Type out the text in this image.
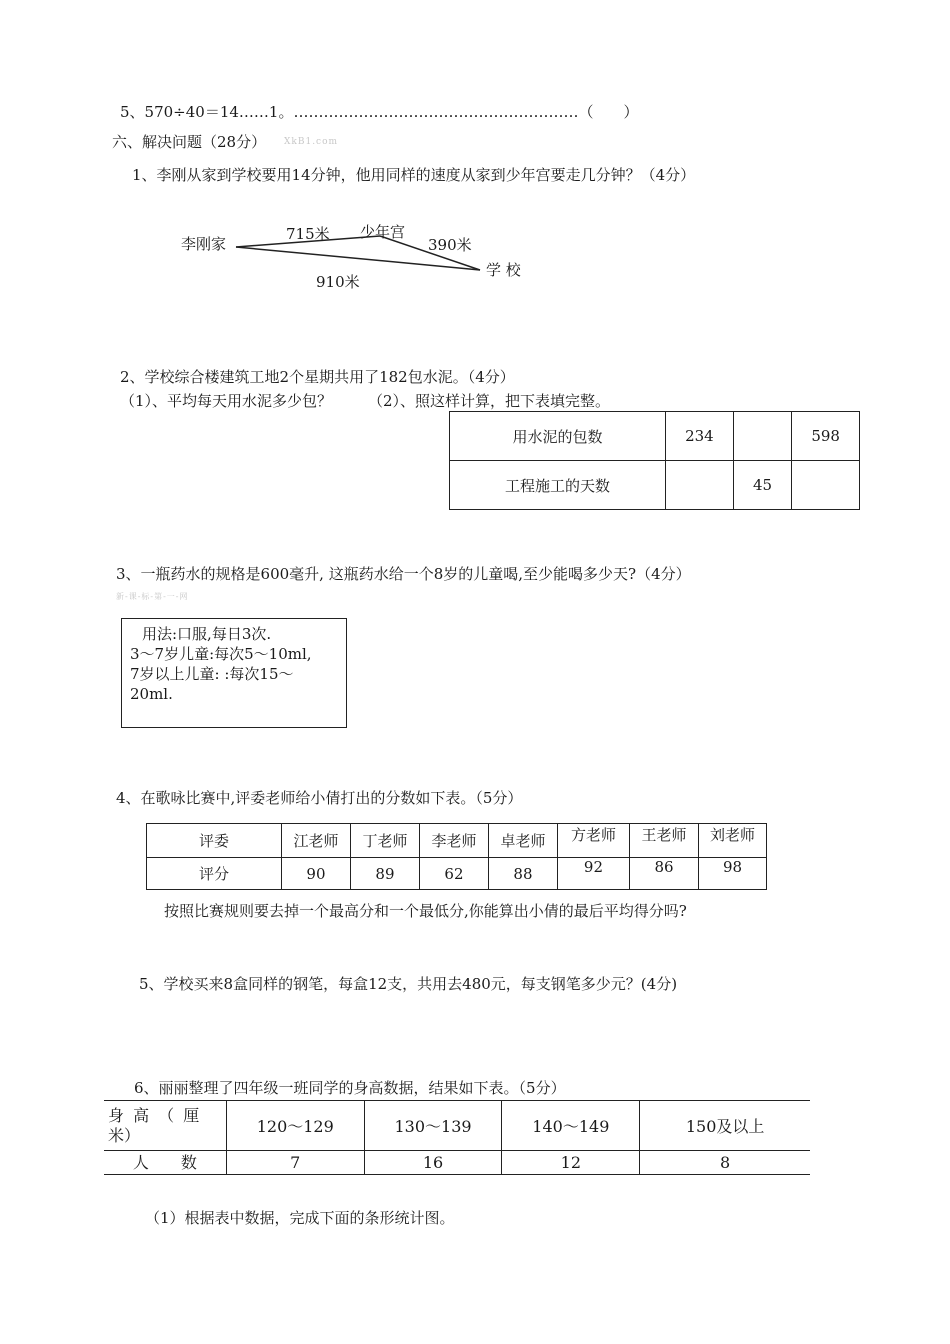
5、570÷40＝14……1。…………………………………………………（　　）
六、解决问题（28分） XkB1.com
1、李刚从家到学校要用14分钟，他用同样的速度从家到少年宫要走几分钟？（4分）
李刚家
少年宫
学 校
715米
390米
910米
2、学校综合楼建筑工地2个星期共用了182包水泥。（4分）
（1）、平均每天用水泥多少包？ （2）、照这样计算，把下表填完整。
用水泥的包数	234		598
工程施工的天数		45	
3、一瓶药水的规格是600毫升, 这瓶药水给一个8岁的儿童喝,至少能喝多少天?（4分）
新-课-标-第-一-网
用法:口服,每日3次.
3～7岁儿童:每次5～10ml,
7岁以上儿童: :每次15～
20ml.
4、在歌咏比赛中,评委老师给小倩打出的分数如下表。（5分）
评委	江老师	丁老师	李老师	卓老师	方老师	王老师	刘老师
评分	90	89	62	88	92	86	98
按照比赛规则要去掉一个最高分和一个最低分,你能算出小倩的最后平均得分吗?
5、学校买来8盒同样的钢笔，每盒12支，共用去480元，每支钢笔多少元？(4分)
6、丽丽整理了四年级一班同学的身高数据，结果如下表。（5分）
身 高 （ 厘
米）	120～129	130～139	140～149	150及以上
人　　数	7	16	12	8
（1）根据表中数据，完成下面的条形统计图。
